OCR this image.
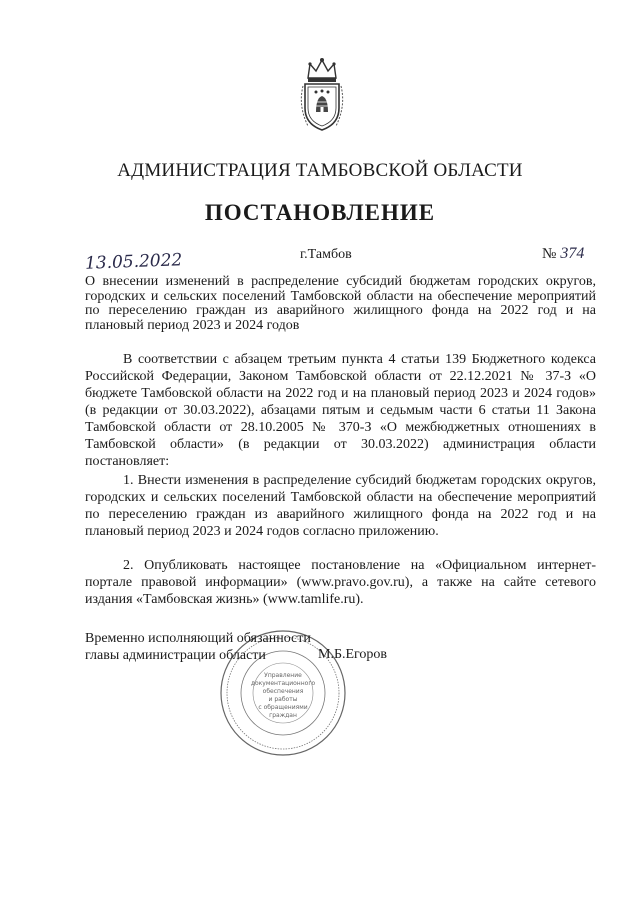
АДМИНИСТРАЦИЯ ТАМБОВСКОЙ ОБЛАСТИ
ПОСТАНОВЛЕНИЕ
13.05.2022	г.Тамбов	№ 374
О внесении изменений в распределение субсидий бюджетам городских округов, городских и сельских поселений Тамбовской области на обеспечение мероприятий по переселению граждан из аварийного жилищного фонда на 2022 год и на плановый период 2023 и 2024 годов
В соответствии с абзацем третьим пункта 4 статьи 139 Бюджетного кодекса Российской Федерации, Законом Тамбовской области от 22.12.2021 № 37-З «О бюджете Тамбовской области на 2022 год и на плановый период 2023 и 2024 годов» (в редакции от 30.03.2022), абзацами пятым и седьмым части 6 статьи 11 Закона Тамбовской области от 28.10.2005 № 370-З «О межбюджетных отношениях в Тамбовской области» (в редакции от 30.03.2022) администрация области постановляет:
1. Внести изменения в распределение субсидий бюджетам городских округов, городских и сельских поселений Тамбовской области на обеспечение мероприятий по переселению граждан из аварийного жилищного фонда на 2022 год и на плановый период 2023 и 2024 годов согласно приложению.
2. Опубликовать настоящее постановление на «Официальном интернет-портале правовой информации» (www.pravo.gov.ru), а также на сайте сетевого издания «Тамбовская жизнь» (www.tamlife.ru).
Управление
документационного
обеспечения
и работы
с обращениями
граждан
Временно исполняющий обязанности
главы администрации области	М.Б.Егоров
